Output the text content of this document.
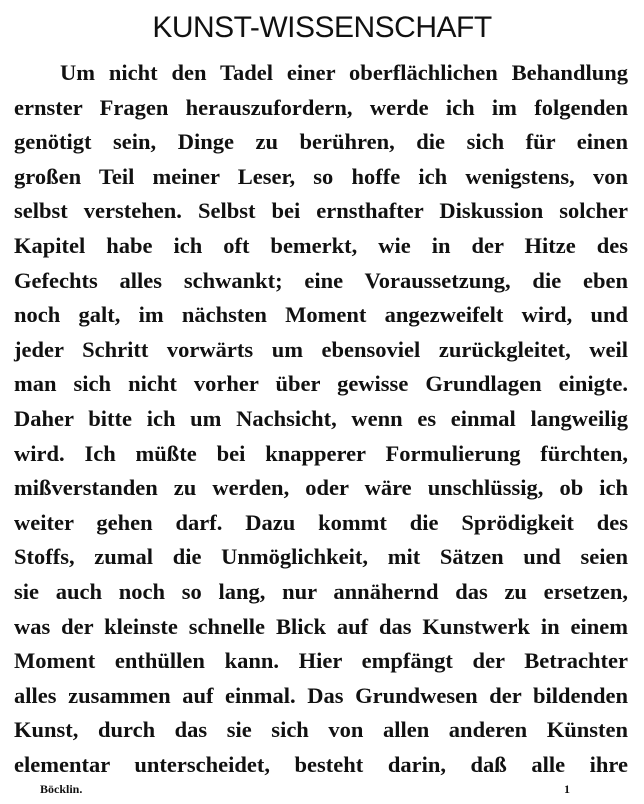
KUNST-WISSENSCHAFT
Um nicht den Tadel einer oberflächlichen Behandlung
ernster Fragen herauszufordern, werde ich im folgenden
genötigt sein, Dinge zu berühren, die sich für einen
großen Teil meiner Leser, so hoffe ich wenigstens, von
selbst verstehen. Selbst bei ernsthafter Diskussion solcher
Kapitel habe ich oft bemerkt, wie in der Hitze des
Gefechts alles schwankt; eine Voraussetzung, die eben
noch galt, im nächsten Moment angezweifelt wird, und
jeder Schritt vorwärts um ebensoviel zurückgleitet, weil
man sich nicht vorher über gewisse Grundlagen einigte.
Daher bitte ich um Nachsicht, wenn es einmal langweilig
wird. Ich müßte bei knapperer Formulierung fürchten,
mißverstanden zu werden, oder wäre unschlüssig, ob ich
weiter gehen darf. Dazu kommt die Sprödigkeit des
Stoffs, zumal die Unmöglichkeit, mit Sätzen und seien
sie auch noch so lang, nur annähernd das zu ersetzen,
was der kleinste schnelle Blick auf das Kunstwerk in einem
Moment enthüllen kann. Hier empfängt der Betrachter
alles zusammen auf einmal. Das Grundwesen der bildenden
Kunst, durch das sie sich von allen anderen Künsten
elementar unterscheidet, besteht darin, daß alle ihre
Böcklin.	1
